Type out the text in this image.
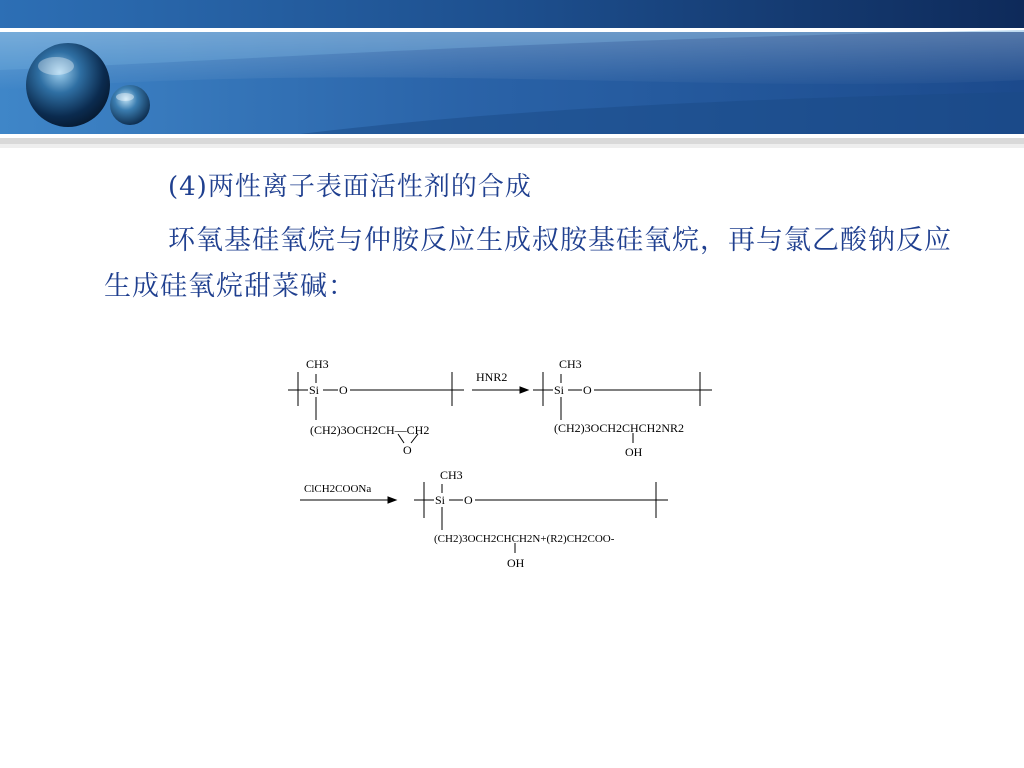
(4)两性离子表面活性剂的合成
环氧基硅氧烷与仲胺反应生成叔胺基硅氧烷，再与氯乙酸钠反应生成硅氧烷甜菜碱：
CH3
Si O
(CH2)3OCH2CH—CH2
O
HNR2
CH3
Si O
(CH2)3OCH2CHCH2NR2
OH
ClCH2COONa
CH3
Si O
(CH2)3OCH2CHCH2N+(R2)CH2COO-
OH
